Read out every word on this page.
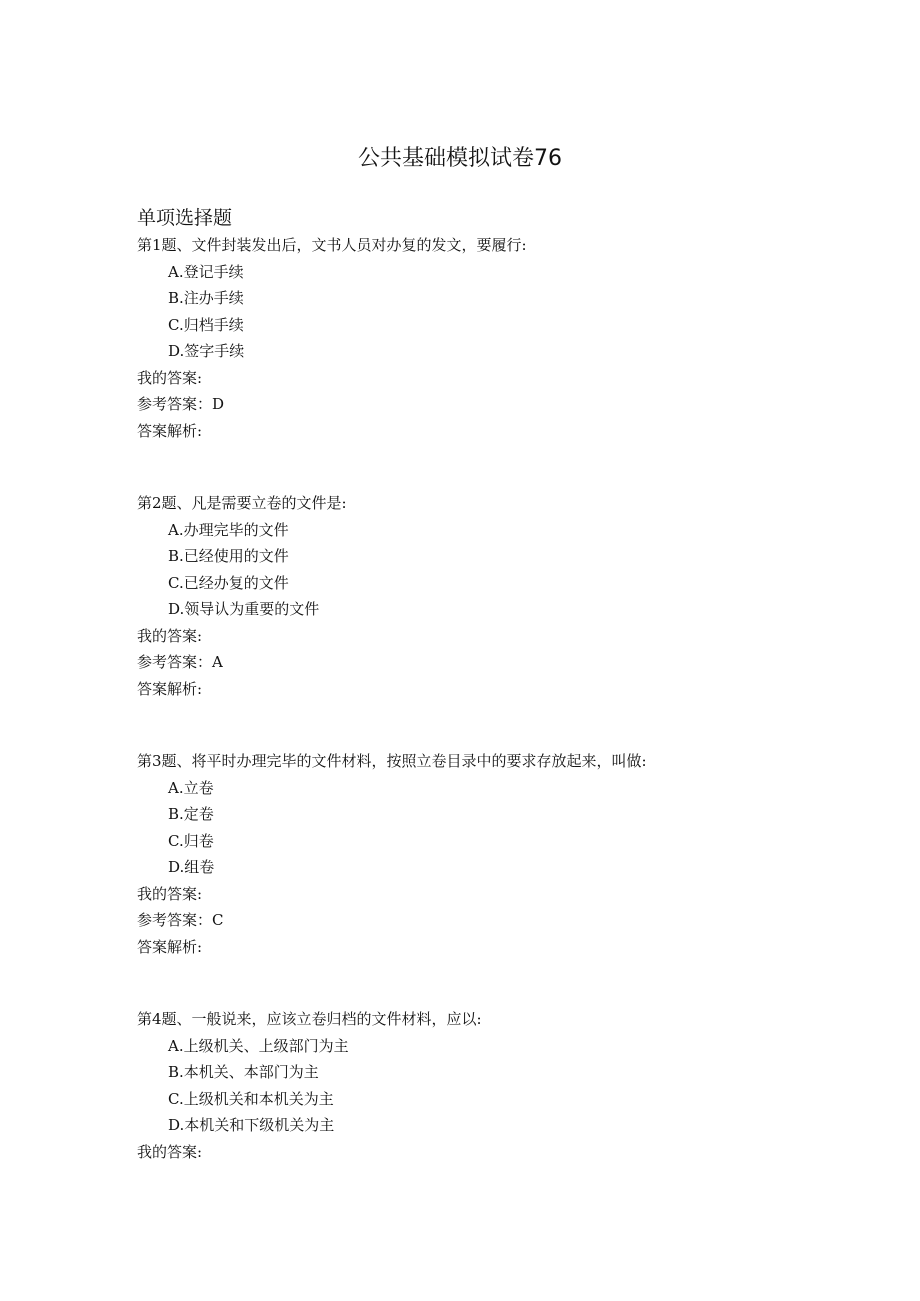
公共基础模拟试卷76
单项选择题
第1题、文件封装发出后，文书人员对办复的发文，要履行:
A.登记手续
B.注办手续
C.归档手续
D.签字手续
我的答案:
参考答案：D
答案解析:
第2题、凡是需要立卷的文件是:
A.办理完毕的文件
B.已经使用的文件
C.已经办复的文件
D.领导认为重要的文件
我的答案:
参考答案：A
答案解析:
第3题、将平时办理完毕的文件材料，按照立卷目录中的要求存放起来，叫做:
A.立卷
B.定卷
C.归卷
D.组卷
我的答案:
参考答案：C
答案解析:
第4题、一般说来，应该立卷归档的文件材料，应以:
A.上级机关、上级部门为主
B.本机关、本部门为主
C.上级机关和本机关为主
D.本机关和下级机关为主
我的答案:
